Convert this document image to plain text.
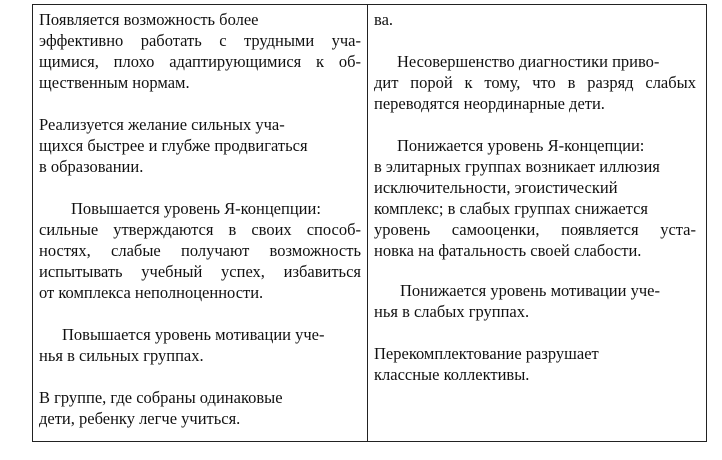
Появляется возможность более
эффективно работать с трудными уча-
щимися, плохо адаптирующимися к об-
щественным нормам.
Реализуется желание сильных уча-
щихся быстрее и глубже продвигаться
в образовании.
Повышается уровень Я-концепции:
сильные утверждаются в своих способ-
ностях, слабые получают возможность
испытывать учебный успех, избавиться
от комплекса неполноценности.
Повышается уровень мотивации уче-
нья в сильных группах.
В группе, где собраны одинаковые
дети, ребенку легче учиться.
ва.
Несовершенство диагностики приво-
дит порой к тому, что в разряд слабых
переводятся неординарные дети.
Понижается уровень Я-концепции:
в элитарных группах возникает иллюзия
исключительности, эгоистический
комплекс; в слабых группах снижается
уровень самооценки, появляется уста-
новка на фатальность своей слабости.
Понижается уровень мотивации уче-
нья в слабых группах.
Перекомплектование разрушает
классные коллективы.
